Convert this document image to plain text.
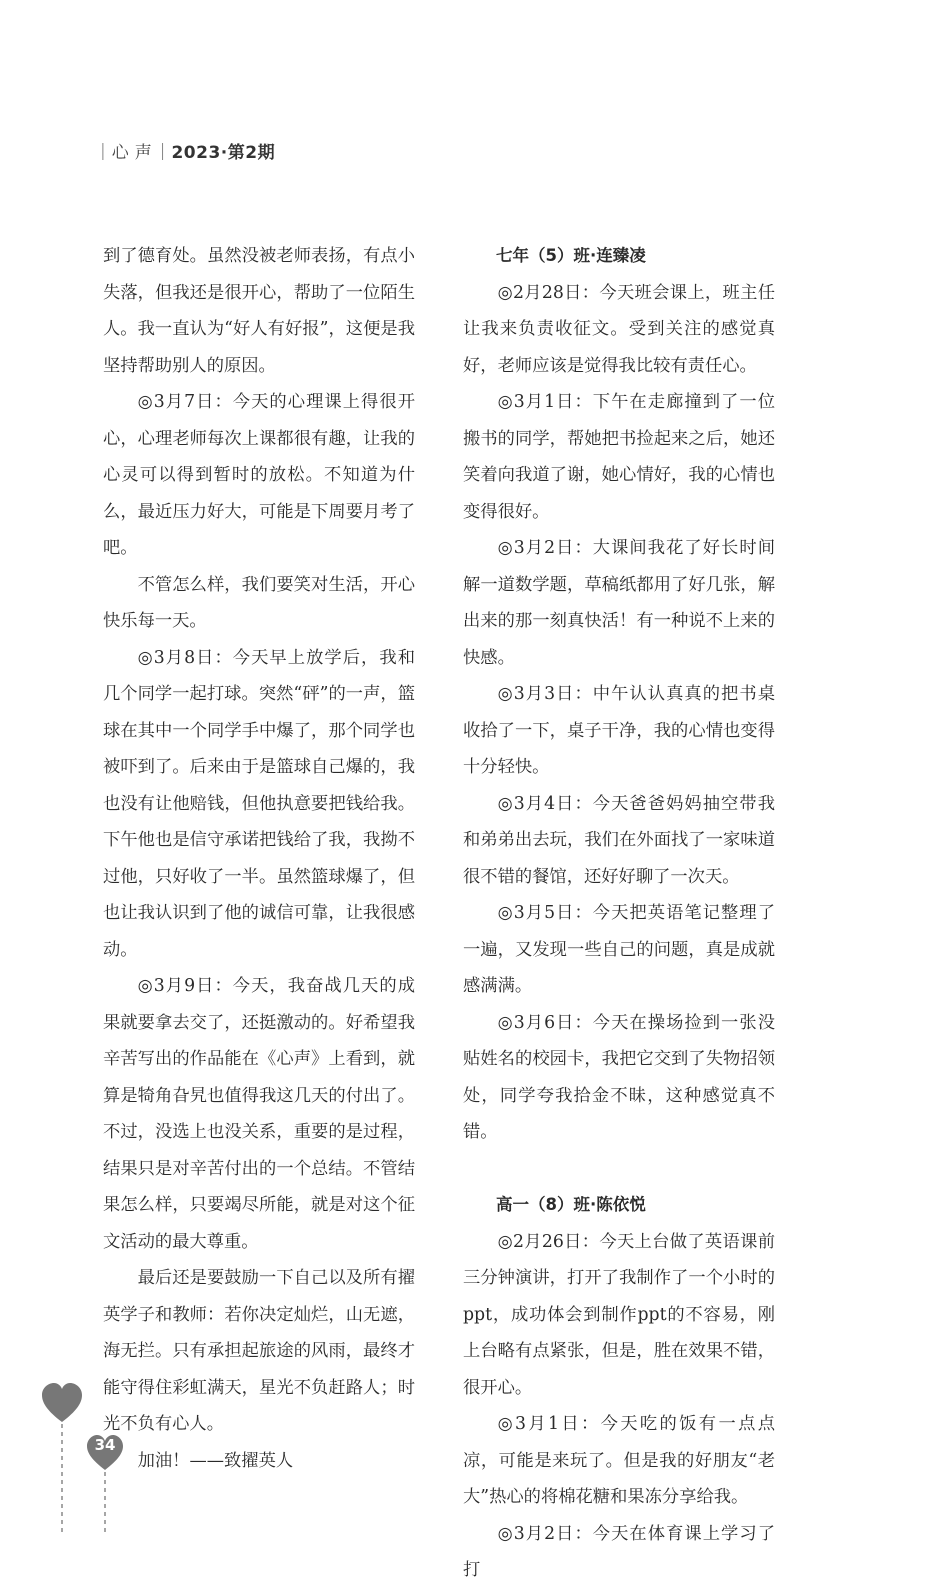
| 心声 | 2023·第2期

到了德育处。虽然没被老师表扬，有点小失落，但我还是很开心，帮助了一位陌生人。我一直认为“好人有好报”，这便是我坚持帮助别人的原因。

◎3月7日：今天的心理课上得很开心，心理老师每次上课都很有趣，让我的心灵可以得到暂时的放松。不知道为什么，最近压力好大，可能是下周要月考了吧。

不管怎么样，我们要笑对生活，开心快乐每一天。

◎3月8日：今天早上放学后，我和几个同学一起打球。突然“砰”的一声，篮球在其中一个同学手中爆了，那个同学也被吓到了。后来由于是篮球自己爆的，我也没有让他赔钱，但他执意要把钱给我。下午他也是信守承诺把钱给了我，我拗不过他，只好收了一半。虽然篮球爆了，但也让我认识到了他的诚信可靠，让我很感动。

◎3月9日：今天，我奋战几天的成果就要拿去交了，还挺激动的。好希望我辛苦写出的作品能在《心声》上看到，就算是犄角旮旯也值得我这几天的付出了。不过，没选上也没关系，重要的是过程，结果只是对辛苦付出的一个总结。不管结果怎么样，只要竭尽所能，就是对这个征文活动的最大尊重。

最后还是要鼓励一下自己以及所有擢英学子和教师：若你决定灿烂，山无遮，海无拦。只有承担起旅途的风雨，最终才能守得住彩虹满天，星光不负赶路人；时光不负有心人。

加油！——致擢英人

七年（5）班·连臻凌

◎2月28日：今天班会课上，班主任让我来负责收征文。受到关注的感觉真好，老师应该是觉得我比较有责任心。

◎3月1日：下午在走廊撞到了一位搬书的同学，帮她把书捡起来之后，她还笑着向我道了谢，她心情好，我的心情也变得很好。

◎3月2日：大课间我花了好长时间解一道数学题，草稿纸都用了好几张，解出来的那一刻真快活！有一种说不上来的快感。

◎3月3日：中午认认真真的把书桌收拾了一下，桌子干净，我的心情也变得十分轻快。

◎3月4日：今天爸爸妈妈抽空带我和弟弟出去玩，我们在外面找了一家味道很不错的餐馆，还好好聊了一次天。

◎3月5日：今天把英语笔记整理了一遍，又发现一些自己的问题，真是成就感满满。

◎3月6日：今天在操场捡到一张没贴姓名的校园卡，我把它交到了失物招领处，同学夸我拾金不昧，这种感觉真不错。

高一（8）班·陈依悦

◎2月26日：今天上台做了英语课前三分钟演讲，打开了我制作了一个小时的ppt，成功体会到制作ppt的不容易，刚上台略有点紧张，但是，胜在效果不错，很开心。

◎3月1日：今天吃的饭有一点点凉，可能是来玩了。但是我的好朋友“老大”热心的将棉花糖和果冻分享给我。

◎3月2日：今天在体育课上学习了打

34
